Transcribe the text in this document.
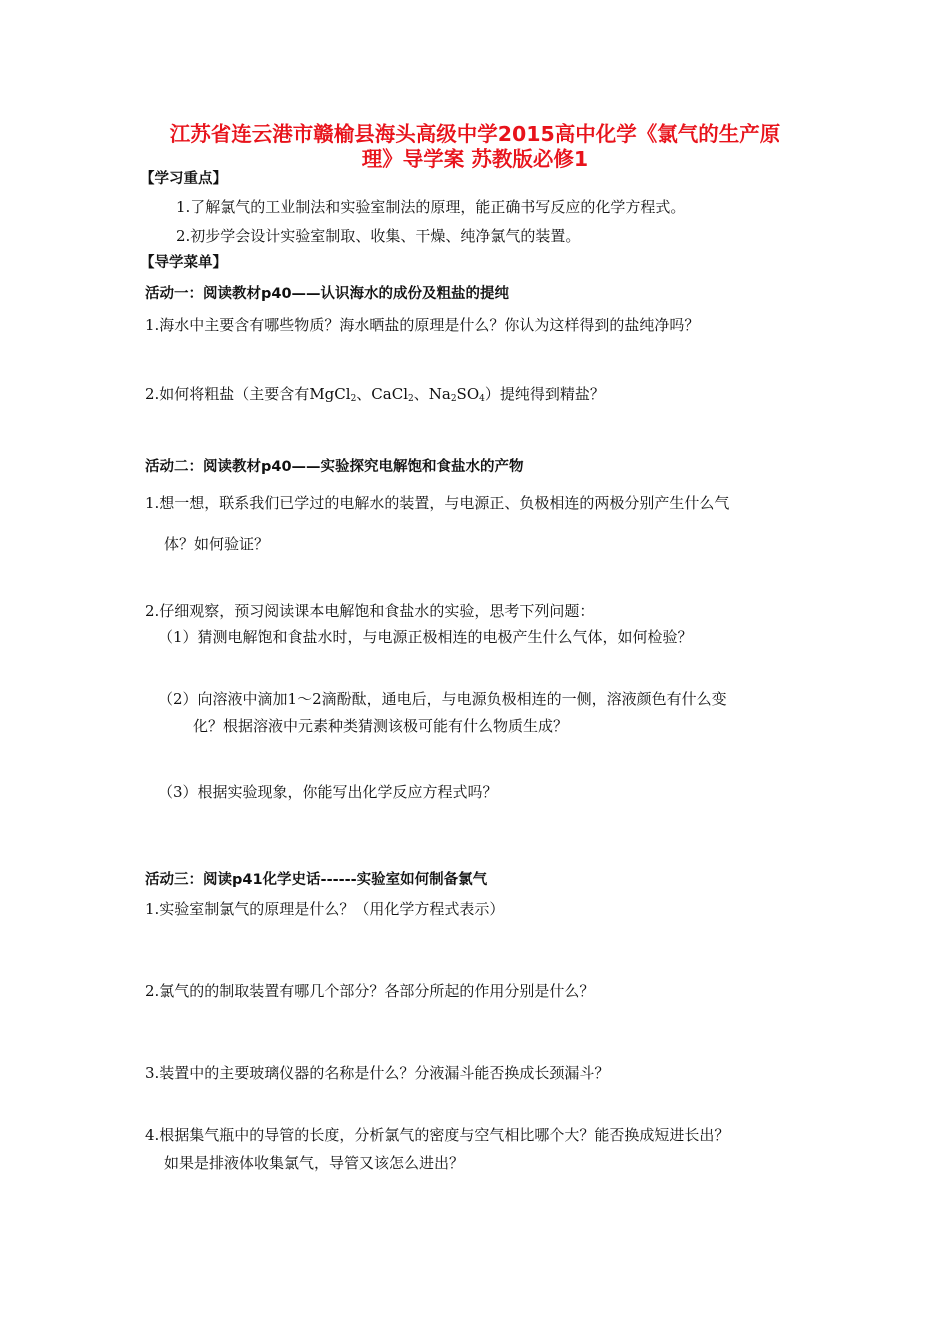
江苏省连云港市赣榆县海头高级中学2015高中化学《氯气的生产原
理》导学案 苏教版必修1
【学习重点】
1.了解氯气的工业制法和实验室制法的原理，能正确书写反应的化学方程式。
2.初步学会设计实验室制取、收集、干燥、纯净氯气的装置。
【导学菜单】
活动一：阅读教材p40——认识海水的成份及粗盐的提纯
1.海水中主要含有哪些物质？海水晒盐的原理是什么？你认为这样得到的盐纯净吗？
2.如何将粗盐（主要含有MgCl$_2$、CaCl$_2$、$Na_2SO_4$）提纯得到精盐？
活动二：阅读教材p40——实验探究电解饱和食盐水的产物
1.想一想，联系我们已学过的电解水的装置，与电源正、负极相连的两极分别产生什么气
体？如何验证？
2.仔细观察，预习阅读课本电解饱和食盐水的实验，思考下列问题：
（1）猜测电解饱和食盐水时，与电源正极相连的电极产生什么气体，如何检验？
（2）向溶液中滴加1～2滴酚酞，通电后，与电源负极相连的一侧，溶液颜色有什么变
化？根据溶液中元素种类猜测该极可能有什么物质生成？
（3）根据实验现象，你能写出化学反应方程式吗？
活动三：阅读p41化学史话------实验室如何制备氯气
1.实验室制氯气的原理是什么？（用化学方程式表示）
2.氯气的的制取装置有哪几个部分？各部分所起的作用分别是什么？
3.装置中的主要玻璃仪器的名称是什么？分液漏斗能否换成长颈漏斗？
4.根据集气瓶中的导管的长度，分析氯气的密度与空气相比哪个大？能否换成短进长出？
如果是排液体收集氯气，导管又该怎么进出？
